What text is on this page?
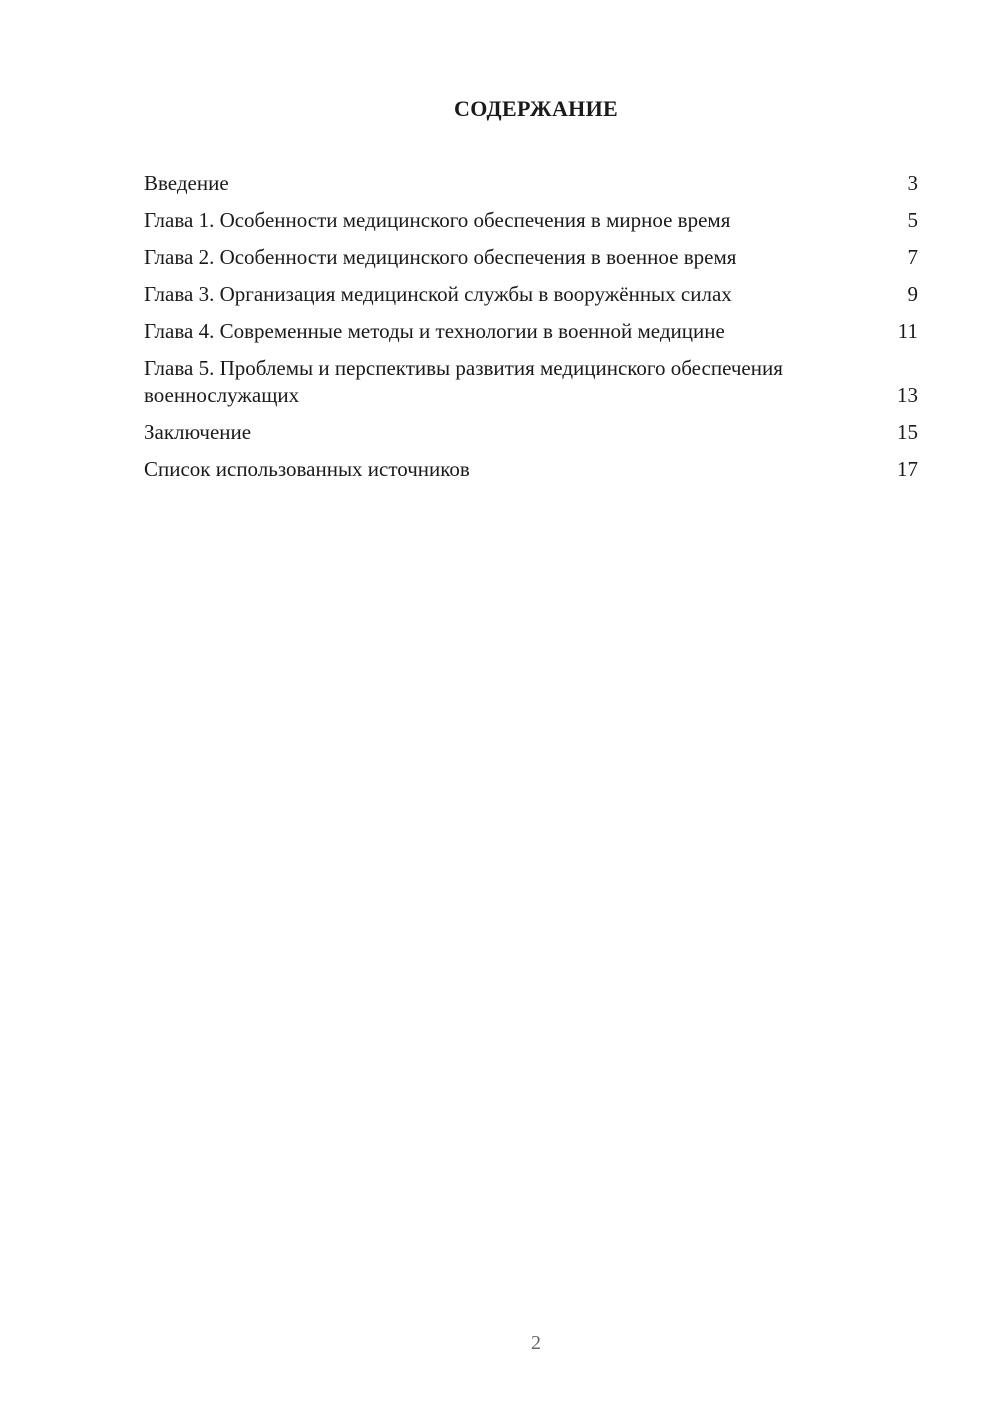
СОДЕРЖАНИЕ
Введение	3
Глава 1. Особенности медицинского обеспечения в мирное время	5
Глава 2. Особенности медицинского обеспечения в военное время	7
Глава 3. Организация медицинской службы в вооружённых силах	9
Глава 4. Современные методы и технологии в военной медицине	11
Глава 5. Проблемы и перспективы развития медицинского обеспечения военнослужащих	13
Заключение	15
Список использованных источников	17
2
